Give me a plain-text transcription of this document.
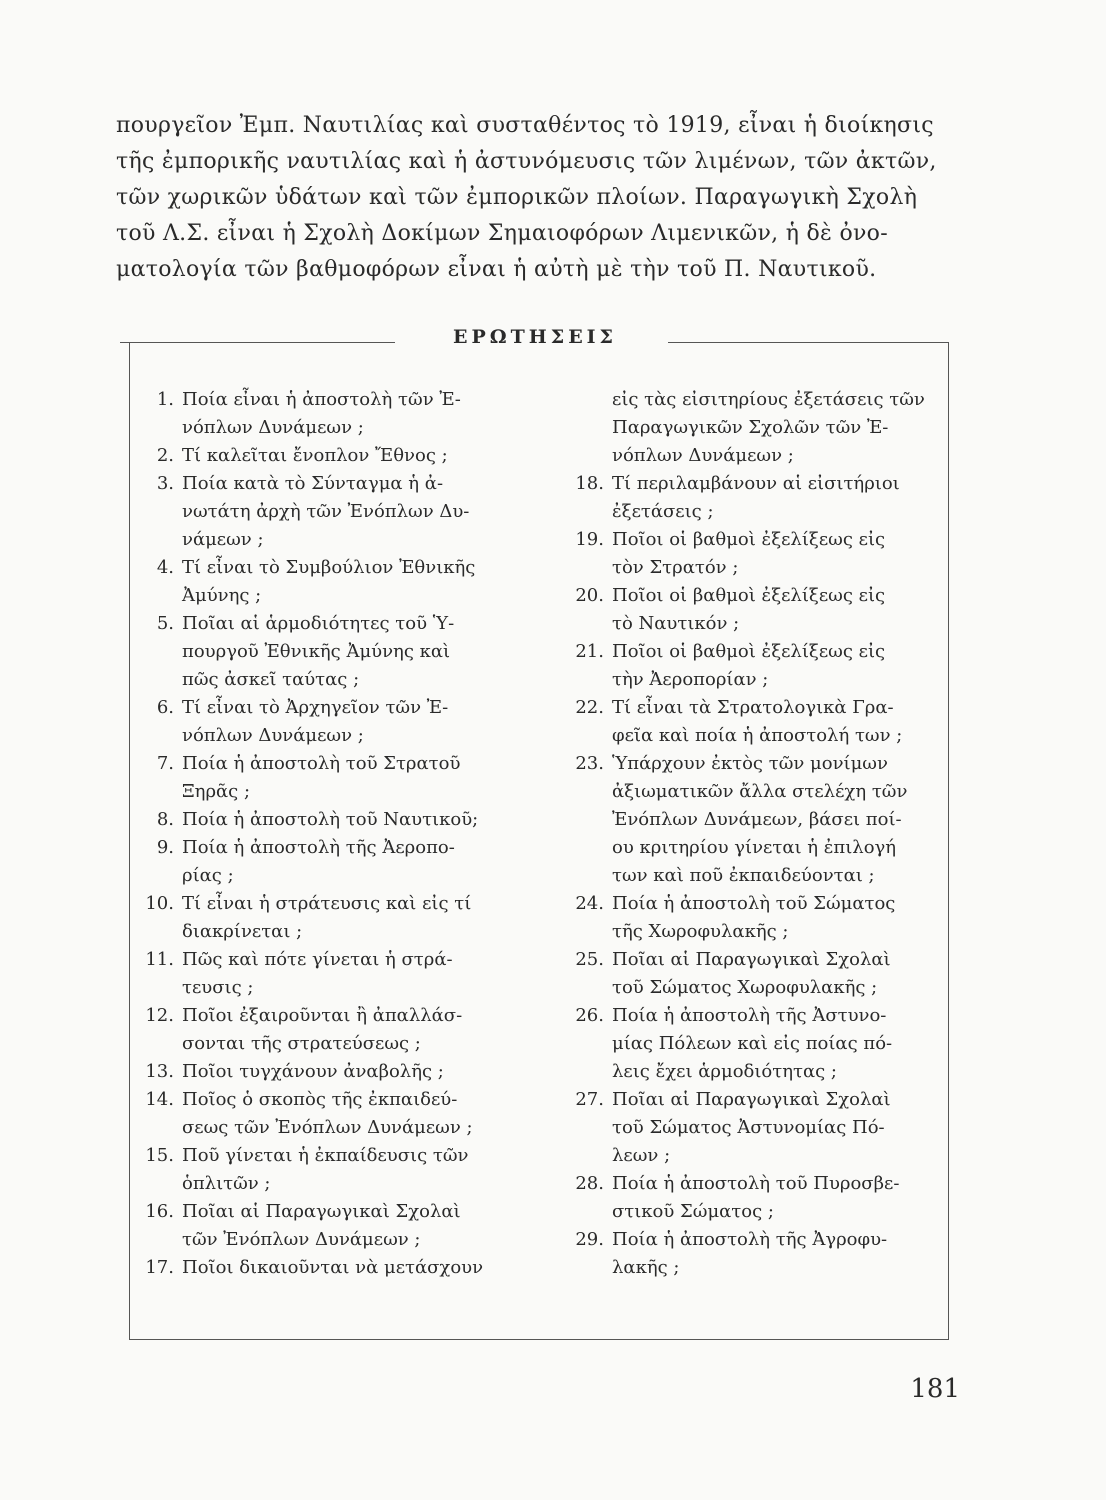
πουργεῖον Ἐμπ. Ναυτιλίας καὶ συσταθέντος τὸ 1919, εἶναι ἡ διοίκησις
τῆς ἐμπορικῆς ναυτιλίας καὶ ἡ ἀστυνόμευσις τῶν λιμένων, τῶν ἀκτῶν,
τῶν χωρικῶν ὑδάτων καὶ τῶν ἐμπορικῶν πλοίων. Παραγωγικὴ Σχολὴ
τοῦ Λ.Σ. εἶναι ἡ Σχολὴ Δοκίμων Σημαιοφόρων Λιμενικῶν, ἡ δὲ ὀνο-
ματολογία τῶν βαθμοφόρων εἶναι ἡ αὐτὴ μὲ τὴν τοῦ Π. Ναυτικοῦ.
ΕΡΩΤΗΣΕΙΣ
1. Ποία εἶναι ἡ ἀποστολὴ τῶν Ἐ-
νόπλων Δυνάμεων ;
2. Τί καλεῖται ἔνοπλον Ἔθνος ;
3. Ποία κατὰ τὸ Σύνταγμα ἡ ἀ-
νωτάτη ἀρχὴ τῶν Ἐνόπλων Δυ-
νάμεων ;
4. Τί εἶναι τὸ Συμβούλιον Ἐθνικῆς
Ἀμύνης ;
5. Ποῖαι αἱ ἁρμοδιότητες τοῦ Ὑ-
πουργοῦ Ἐθνικῆς Ἀμύνης καὶ
πῶς ἀσκεῖ ταύτας ;
6. Τί εἶναι τὸ Ἀρχηγεῖον τῶν Ἐ-
νόπλων Δυνάμεων ;
7. Ποία ἡ ἀποστολὴ τοῦ Στρατοῦ
Ξηρᾶς ;
8. Ποία ἡ ἀποστολὴ τοῦ Ναυτικοῦ;
9. Ποία ἡ ἀποστολὴ τῆς Ἀεροπο-
ρίας ;
10. Τί εἶναι ἡ στράτευσις καὶ εἰς τί
διακρίνεται ;
11. Πῶς καὶ πότε γίνεται ἡ στρά-
τευσις ;
12. Ποῖοι ἐξαιροῦνται ἢ ἀπαλλάσ-
σονται τῆς στρατεύσεως ;
13. Ποῖοι τυγχάνουν ἀναβολῆς ;
14. Ποῖος ὁ σκοπὸς τῆς ἐκπαιδεύ-
σεως τῶν Ἐνόπλων Δυνάμεων ;
15. Ποῦ γίνεται ἡ ἐκπαίδευσις τῶν
ὁπλιτῶν ;
16. Ποῖαι αἱ Παραγωγικαὶ Σχολαὶ
τῶν Ἐνόπλων Δυνάμεων ;
17. Ποῖοι δικαιοῦνται νὰ μετάσχουν
εἰς τὰς εἰσιτηρίους ἐξετάσεις τῶν
Παραγωγικῶν Σχολῶν τῶν Ἐ-
νόπλων Δυνάμεων ;
18. Τί περιλαμβάνουν αἱ εἰσιτήριοι
ἐξετάσεις ;
19. Ποῖοι οἱ βαθμοὶ ἐξελίξεως εἰς
τὸν Στρατόν ;
20. Ποῖοι οἱ βαθμοὶ ἐξελίξεως εἰς
τὸ Ναυτικόν ;
21. Ποῖοι οἱ βαθμοὶ ἐξελίξεως εἰς
τὴν Ἀεροπορίαν ;
22. Τί εἶναι τὰ Στρατολογικὰ Γρα-
φεῖα καὶ ποία ἡ ἀποστολή των ;
23. Ὑπάρχουν ἐκτὸς τῶν μονίμων
ἀξιωματικῶν ἄλλα στελέχη τῶν
Ἐνόπλων Δυνάμεων, βάσει ποί-
ου κριτηρίου γίνεται ἡ ἐπιλογή
των καὶ ποῦ ἐκπαιδεύονται ;
24. Ποία ἡ ἀποστολὴ τοῦ Σώματος
τῆς Χωροφυλακῆς ;
25. Ποῖαι αἱ Παραγωγικαὶ Σχολαὶ
τοῦ Σώματος Χωροφυλακῆς ;
26. Ποία ἡ ἀποστολὴ τῆς Ἀστυνο-
μίας Πόλεων καὶ εἰς ποίας πό-
λεις ἔχει ἁρμοδιότητας ;
27. Ποῖαι αἱ Παραγωγικαὶ Σχολαὶ
τοῦ Σώματος Ἀστυνομίας Πό-
λεων ;
28. Ποία ἡ ἀποστολὴ τοῦ Πυροσβε-
στικοῦ Σώματος ;
29. Ποία ἡ ἀποστολὴ τῆς Ἀγροφυ-
λακῆς ;
181
